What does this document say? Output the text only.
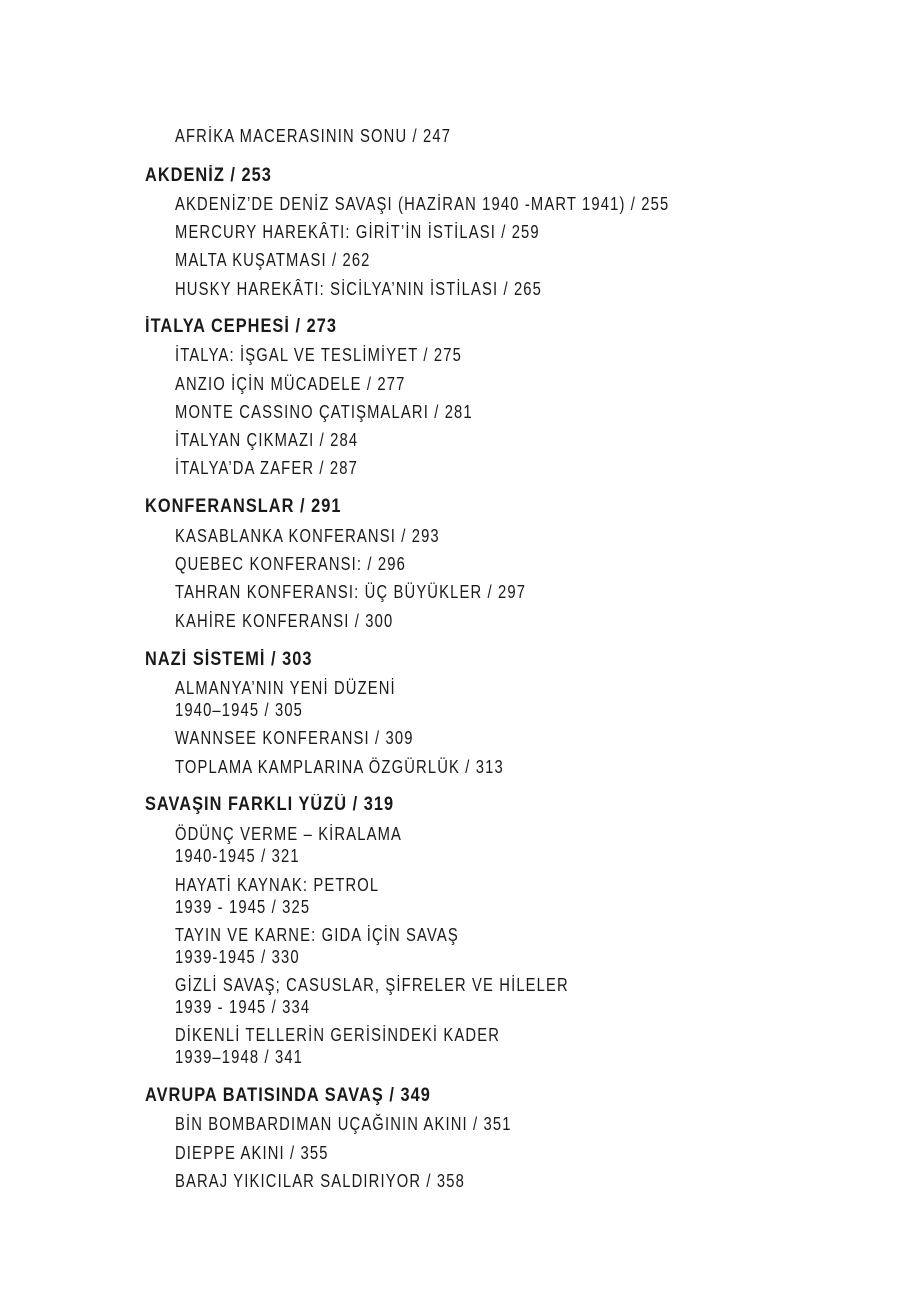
AFRİKA MACERASININ SONU / 247
AKDENİZ / 253
AKDENİZ’DE DENİZ SAVAŞI (HAZİRAN 1940 -MART 1941) / 255
MERCURY HAREKÂTI: GİRİT’İN İSTİLASI / 259
MALTA KUŞATMASI / 262
HUSKY HAREKÂTI: SİCİLYA’NIN İSTİLASI / 265
İTALYA CEPHESİ / 273
İTALYA: İŞGAL VE TESLİMİYET / 275
ANZIO İÇİN MÜCADELE / 277
MONTE CASSINO ÇATIŞMALARI / 281
İTALYAN ÇIKMAZI / 284
İTALYA’DA ZAFER / 287
KONFERANSLAR / 291
KASABLANKA KONFERANSI / 293
QUEBEC KONFERANSI: / 296
TAHRAN KONFERANSI: ÜÇ BÜYÜKLER / 297
KAHİRE KONFERANSI / 300
NAZİ SİSTEMİ / 303
ALMANYA’NIN YENİ DÜZENİ
1940–1945 / 305
WANNSEE KONFERANSI / 309
TOPLAMA KAMPLARINA ÖZGÜRLÜK / 313
SAVAŞIN FARKLI YÜZÜ / 319
ÖDÜNÇ VERME – KİRALAMA
1940-1945 / 321
HAYATİ KAYNAK: PETROL
1939 - 1945 / 325
TAYIN VE KARNE: GIDA İÇİN SAVAŞ
1939-1945 / 330
GİZLİ SAVAŞ; CASUSLAR, ŞİFRELER VE HİLELER
1939 - 1945 / 334
DİKENLİ TELLERİN GERİSİNDEKİ KADER
1939–1948 / 341
AVRUPA BATISINDA SAVAŞ / 349
BİN BOMBARDIMAN UÇAĞININ AKINI / 351
DIEPPE AKINI / 355
BARAJ YIKICILAR SALDIRIYOR / 358
